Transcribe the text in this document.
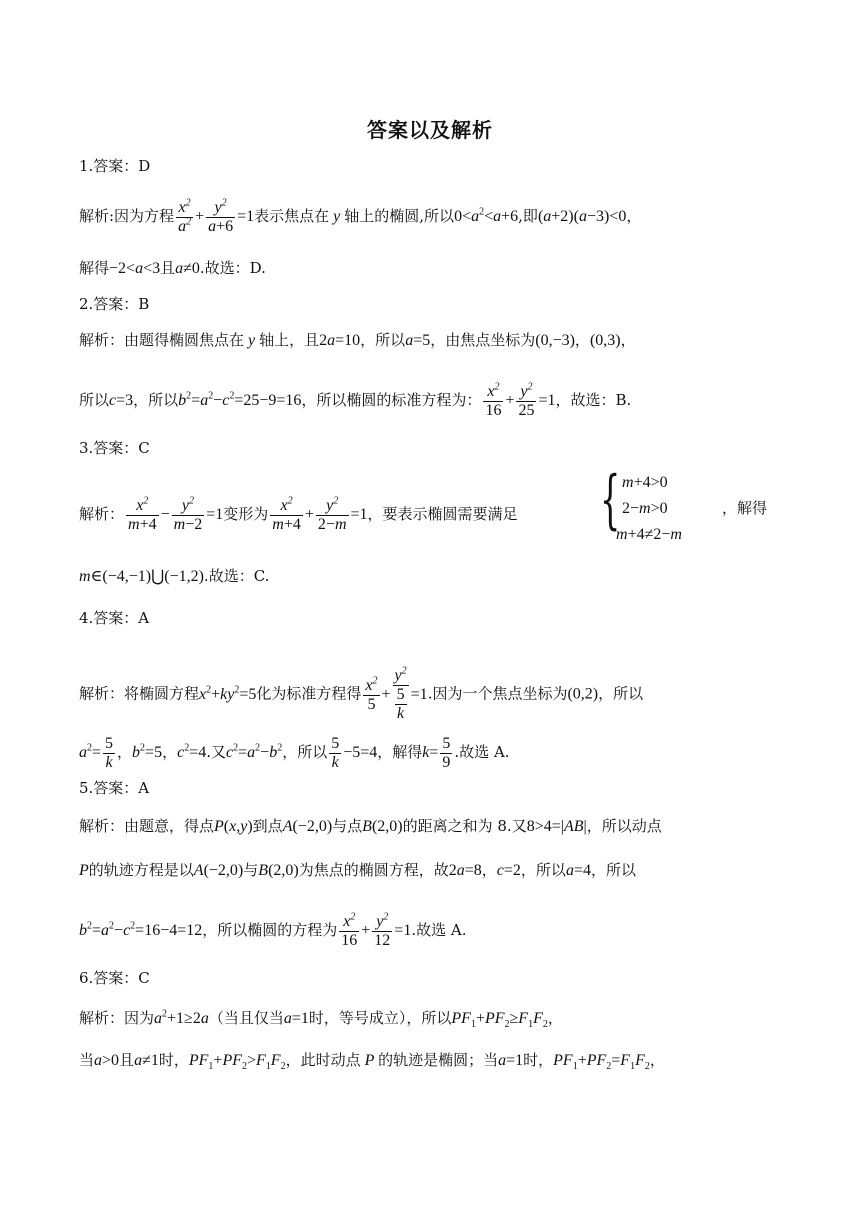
答案以及解析
1.答案：D
解析:因为方程 $\frac{x^2}{a^2} + \frac{y^2}{a+6} =1$表示焦点在 y 轴上的椭圆,所以$0<a^2<a+6$,即(a+2)(a−3)<0，
解得−2<a<3且a≠0.故选：D.
2.答案：B
解析：由题得椭圆焦点在 y 轴上，且2a=10，所以a=5，由焦点坐标为(0,−3)，(0,3)，
所以c=3，所以$b^2=a^2-c^2=25-9=16$，所以椭圆的标准方程为： $\frac{x^2}{16} + \frac{y^2}{25} =1$，故选：B.
3.答案：C
解析： $\frac{x^2}{m+4} - \frac{y^2}{m-2} =1$变形为 $\frac{x^2}{m+4} + \frac{y^2}{2-m} =1$，要表示椭圆需要满足 { m+4>0
2−m>0
m+4≠2−m
，解得
m∈(−4,−1)⋃(−1,2).故选：C.
4.答案：A
解析：将椭圆方程$x^2+ky^2=5$化为标准方程得 $\frac{x^2}{5} + \frac{y^2}{\frac{5}{k}} =1$.因为一个焦点坐标为(0,2)，所以
$a^2= \frac{5}{k}$ ，$b^2=5$，$c^2=4$.又$c^2=a^2-b^2$，所以 $\frac{5}{k} -5=4$，解得$k= \frac{5}{9}$ .故选 A.
5.答案：A
解析：由题意，得点P(x,y)到点A(−2,0)与点B(2,0)的距离之和为 8.又8>4=|AB|，所以动点
P的轨迹方程是以A(−2,0)与B(2,0)为焦点的椭圆方程，故2a=8，c=2，所以a=4，所以
$b^2=a^2-c^2=16-4=12$，所以椭圆的方程为 $\frac{x^2}{16} + \frac{y^2}{12} =1$.故选 A.
6.答案：C
解析：因为$a^2+1\ge 2a$（当且仅当a=1时，等号成立），所以$PF_1+PF_2\ge F_1F_2$，
当a>0且a≠1时，$PF_1+PF_2>F_1F_2$，此时动点 P 的轨迹是椭圆；当a=1时，$PF_1+PF_2=F_1F_2$，
